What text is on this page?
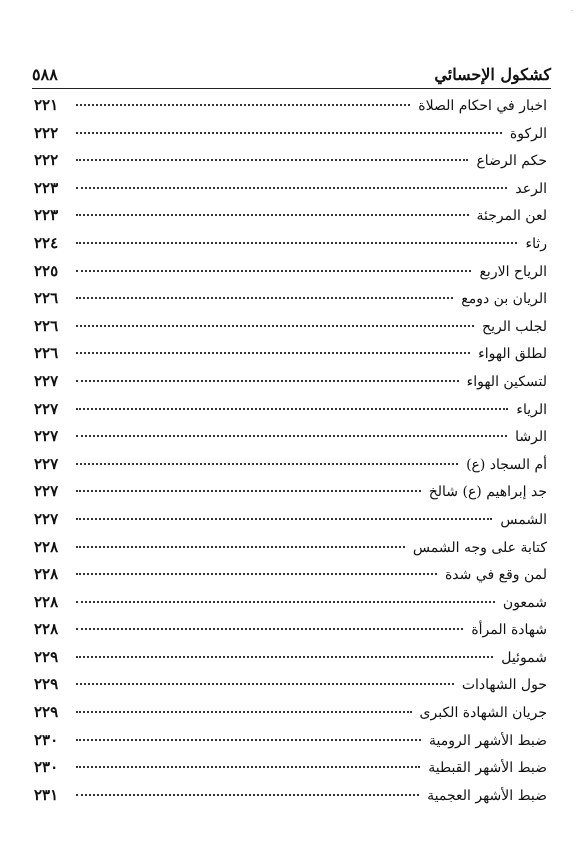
·
كشكول الإحسائي
٥٨٨
اخبار في احكام الصلاة
٢٢١
الركوة
٢٢٢
حكم الرضاع
٢٢٢
الرعد
٢٢٣
لعن المرجئة
٢٢٣
رثاء
٢٢٤
الرياح الاربع
٢٢٥
الريان بن دومع
٢٢٦
لجلب الريح
٢٢٦
لطلق الهواء
٢٢٦
لتسكين الهواء
٢٢٧
الرياء
٢٢٧
الرشا
٢٢٧
أم السجاد (ع)
٢٢٧
جد إبراهيم (ع) شالخ
٢٢٧
الشمس
٢٢٧
كتابة على وجه الشمس
٢٢٨
لمن وقع في شدة
٢٢٨
شمعون
٢٢٨
شهادة المرأة
٢٢٨
شموئيل
٢٢٩
حول الشهادات
٢٢٩
جريان الشهادة الكبرى
٢٢٩
ضبط الأشهر الرومية
٢٣٠
ضبط الأشهر القبطية
٢٣٠
ضبط الأشهر العجمية
٢٣١
